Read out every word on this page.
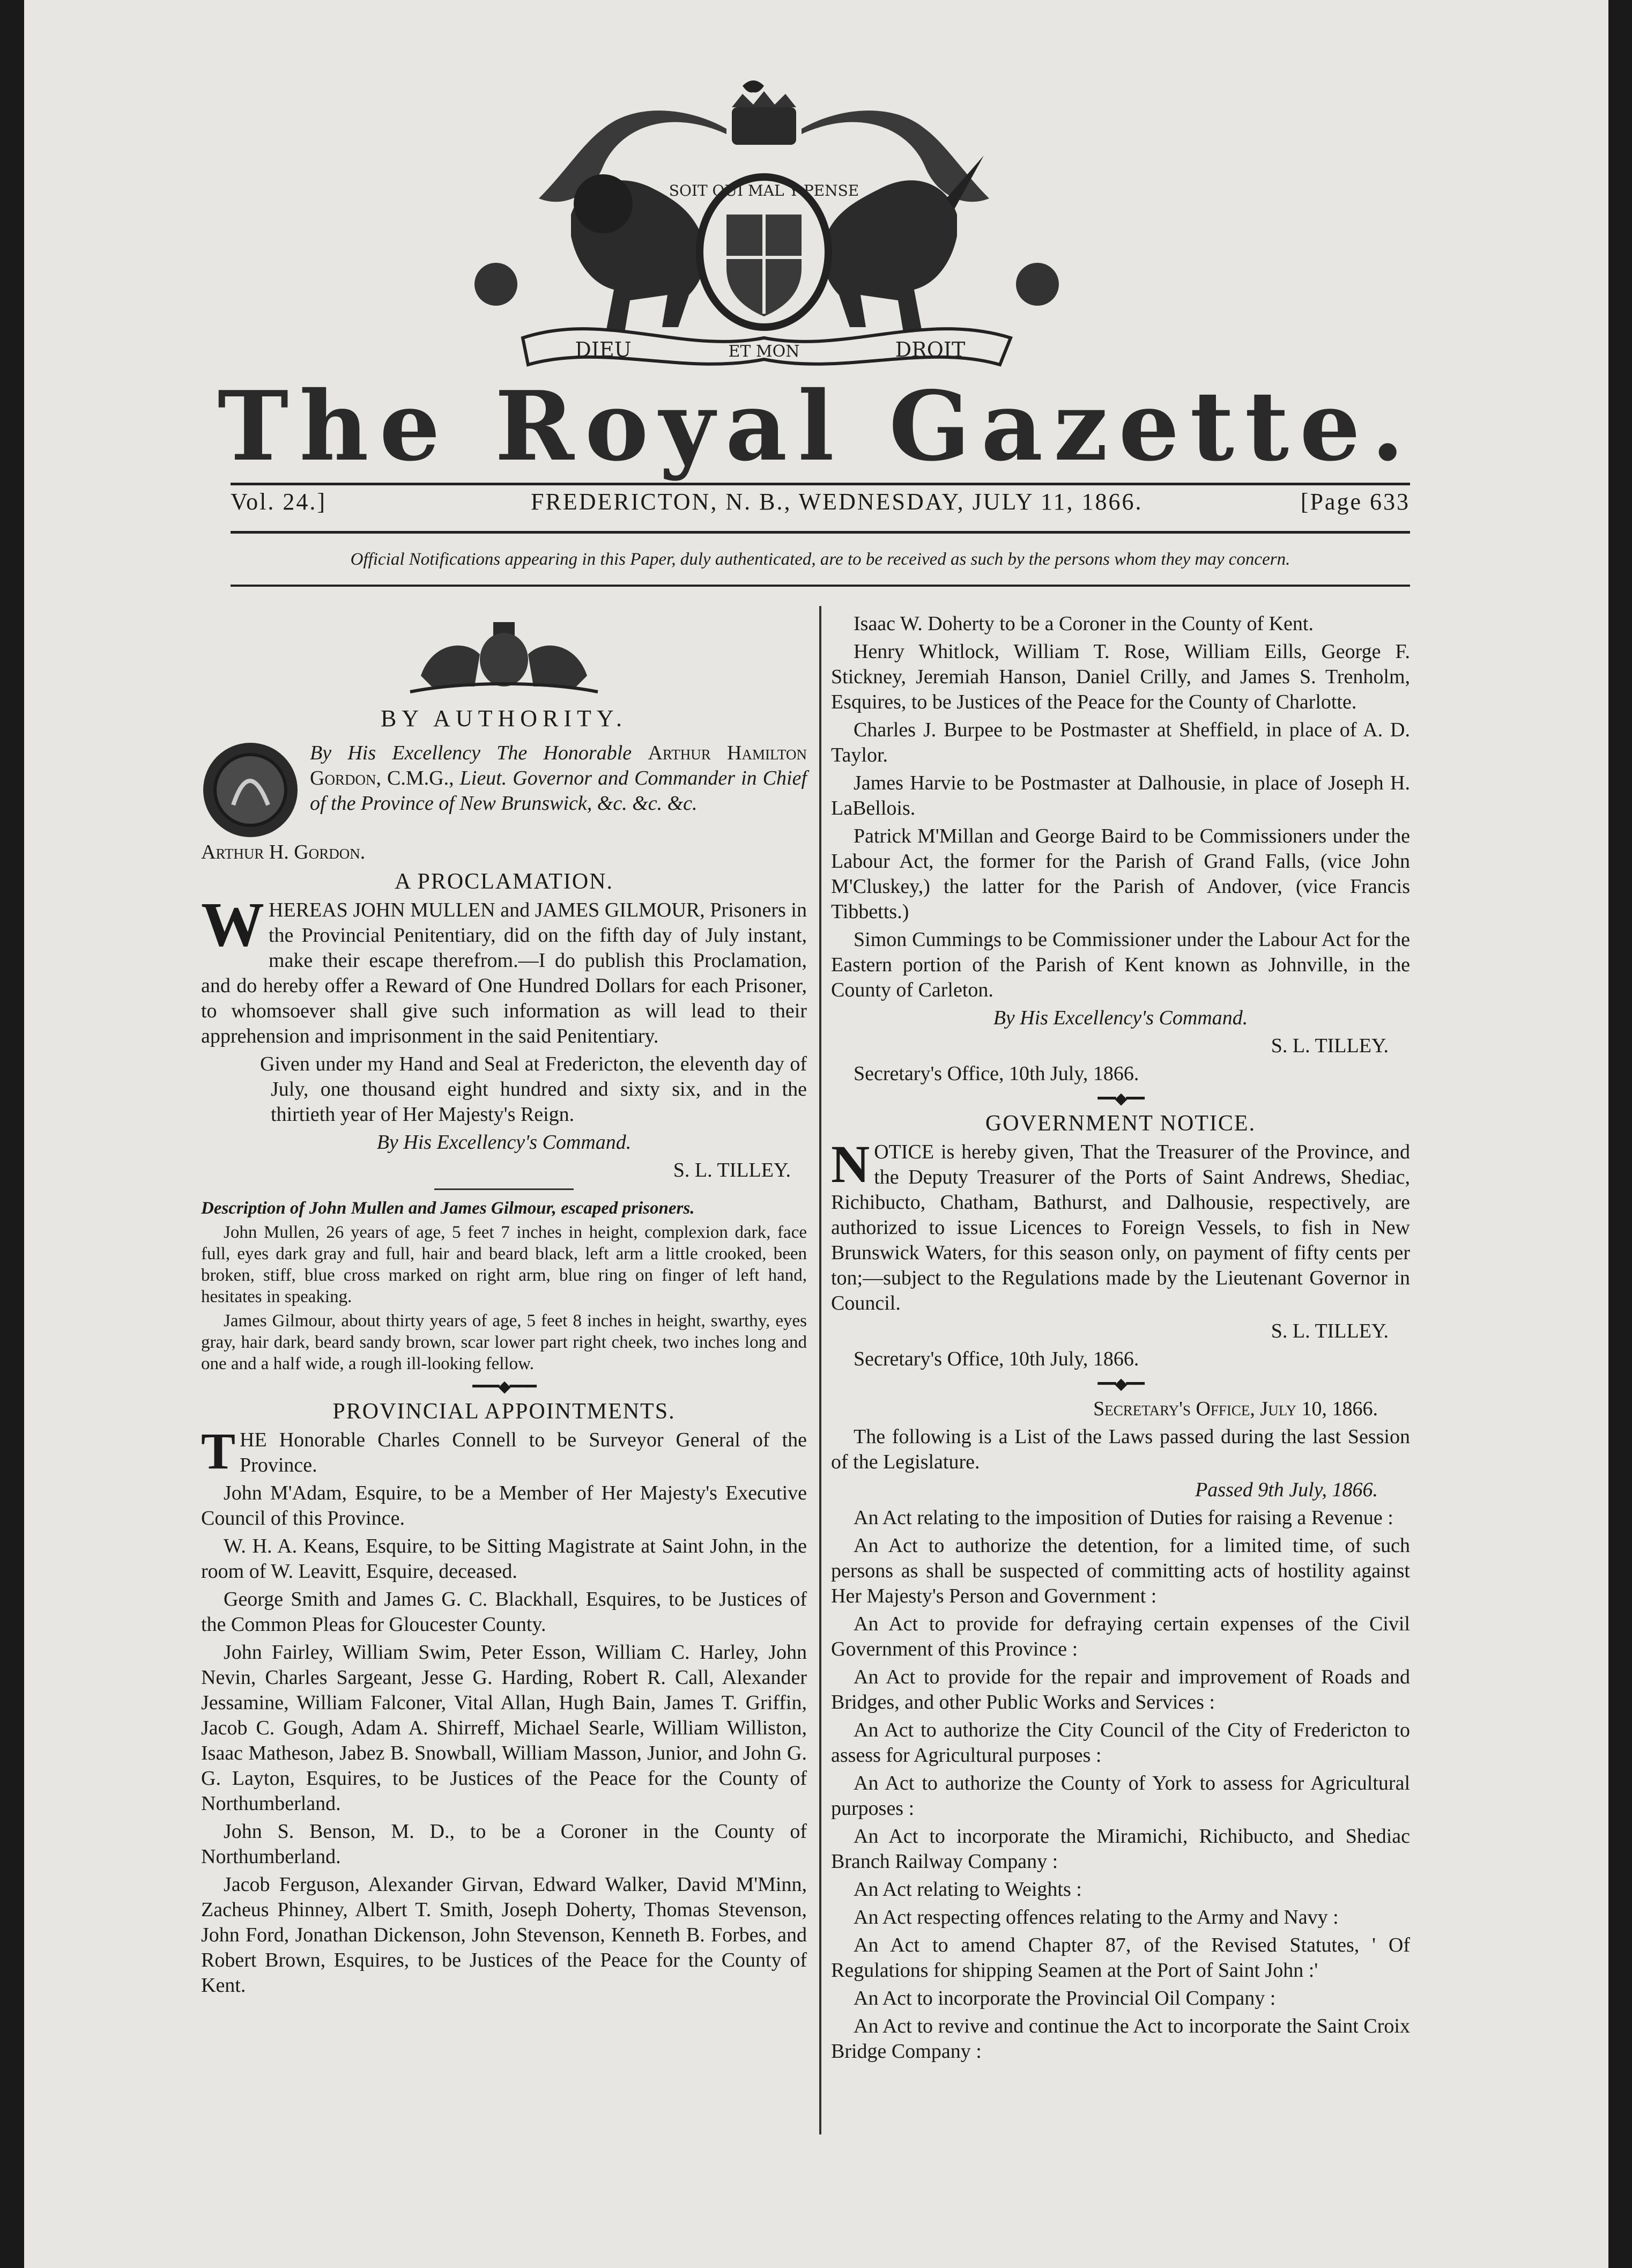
SOIT QUI MAL Y PENSE
DIEU	ET MON	DROIT
The Royal Gazette.
Vol. 24.]	FREDERICTON, N. B., WEDNESDAY, JULY 11, 1866.	[Page 633
Official Notifications appearing in this Paper, duly authenticated, are to be received as such by the persons whom they may concern.
BY AUTHORITY.

By His Excellency The Honorable Arthur Hamilton Gordon, C.M.G., Lieut. Governor and Commander in Chief of the Province of New Brunswick, &c. &c. &c.

Arthur H. Gordon.

A PROCLAMATION.

W HEREAS JOHN MULLEN and JAMES GILMOUR, Prisoners in the Provincial Penitentiary, did on the fifth day of July instant, make their escape therefrom.—I do publish this Proclamation, and do hereby offer a Reward of One Hundred Dollars for each Prisoner, to whomsoever shall give such information as will lead to their apprehension and imprisonment in the said Penitentiary.

Given under my Hand and Seal at Fredericton, the eleventh day of July, one thousand eight hundred and sixty six, and in the thirtieth year of Her Majesty's Reign.

By His Excellency's Command.

S. L. TILLEY.

Description of John Mullen and James Gilmour, escaped prisoners.

John Mullen, 26 years of age, 5 feet 7 inches in height, complexion dark, face full, eyes dark gray and full, hair and beard black, left arm a little crooked, been broken, stiff, blue cross marked on right arm, blue ring on finger of left hand, hesitates in speaking.

James Gilmour, about thirty years of age, 5 feet 8 inches in height, swarthy, eyes gray, hair dark, beard sandy brown, scar lower part right cheek, two inches long and one and a half wide, a rough ill-looking fellow.

━━━◆━━━
PROVINCIAL APPOINTMENTS.

T HE Honorable Charles Connell to be Surveyor General of the Province.

John M'Adam, Esquire, to be a Member of Her Majesty's Executive Council of this Province.

W. H. A. Keans, Esquire, to be Sitting Magistrate at Saint John, in the room of W. Leavitt, Esquire, deceased.

George Smith and James G. C. Blackhall, Esquires, to be Justices of the Common Pleas for Gloucester County.

John Fairley, William Swim, Peter Esson, William C. Harley, John Nevin, Charles Sargeant, Jesse G. Harding, Robert R. Call, Alexander Jessamine, William Falconer, Vital Allan, Hugh Bain, James T. Griffin, Jacob C. Gough, Adam A. Shirreff, Michael Searle, William Williston, Isaac Matheson, Jabez B. Snowball, William Masson, Junior, and John G. G. Layton, Esquires, to be Justices of the Peace for the County of Northumberland.

John S. Benson, M. D., to be a Coroner in the County of Northumberland.

Jacob Ferguson, Alexander Girvan, Edward Walker, David M'Minn, Zacheus Phinney, Albert T. Smith, Joseph Doherty, Thomas Stevenson, John Ford, Jonathan Dickenson, John Stevenson, Kenneth B. Forbes, and Robert Brown, Esquires, to be Justices of the Peace for the County of Kent.

Isaac W. Doherty to be a Coroner in the County of Kent.

Henry Whitlock, William T. Rose, William Eills, George F. Stickney, Jeremiah Hanson, Daniel Crilly, and James S. Trenholm, Esquires, to be Justices of the Peace for the County of Charlotte.

Charles J. Burpee to be Postmaster at Sheffield, in place of A. D. Taylor.

James Harvie to be Postmaster at Dalhousie, in place of Joseph H. LaBellois.

Patrick M'Millan and George Baird to be Commissioners under the Labour Act, the former for the Parish of Grand Falls, (vice John M'Cluskey,) the latter for the Parish of Andover, (vice Francis Tibbetts.)

Simon Cummings to be Commissioner under the Labour Act for the Eastern portion of the Parish of Kent known as Johnville, in the County of Carleton.

By His Excellency's Command.

S. L. TILLEY.

Secretary's Office, 10th July, 1866.

━━◆━━
GOVERNMENT NOTICE.

N OTICE is hereby given, That the Treasurer of the Province, and the Deputy Treasurer of the Ports of Saint Andrews, Shediac, Richibucto, Chatham, Bathurst, and Dalhousie, respectively, are authorized to issue Licences to Foreign Vessels, to fish in New Brunswick Waters, for this season only, on payment of fifty cents per ton;—subject to the Regulations made by the Lieutenant Governor in Council.

S. L. TILLEY.

Secretary's Office, 10th July, 1866.

━━◆━━

Secretary's Office, July 10, 1866.

The following is a List of the Laws passed during the last Session of the Legislature.

Passed 9th July, 1866.

An Act relating to the imposition of Duties for raising a Revenue :

An Act to authorize the detention, for a limited time, of such persons as shall be suspected of committing acts of hostility against Her Majesty's Person and Government :

An Act to provide for defraying certain expenses of the Civil Government of this Province :

An Act to provide for the repair and improvement of Roads and Bridges, and other Public Works and Services :

An Act to authorize the City Council of the City of Fredericton to assess for Agricultural purposes :

An Act to authorize the County of York to assess for Agricultural purposes :

An Act to incorporate the Miramichi, Richibucto, and Shediac Branch Railway Company :

An Act relating to Weights :

An Act respecting offences relating to the Army and Navy :

An Act to amend Chapter 87, of the Revised Statutes, ' Of Regulations for shipping Seamen at the Port of Saint John :'

An Act to incorporate the Provincial Oil Company :

An Act to revive and continue the Act to incorporate the Saint Croix Bridge Company :
